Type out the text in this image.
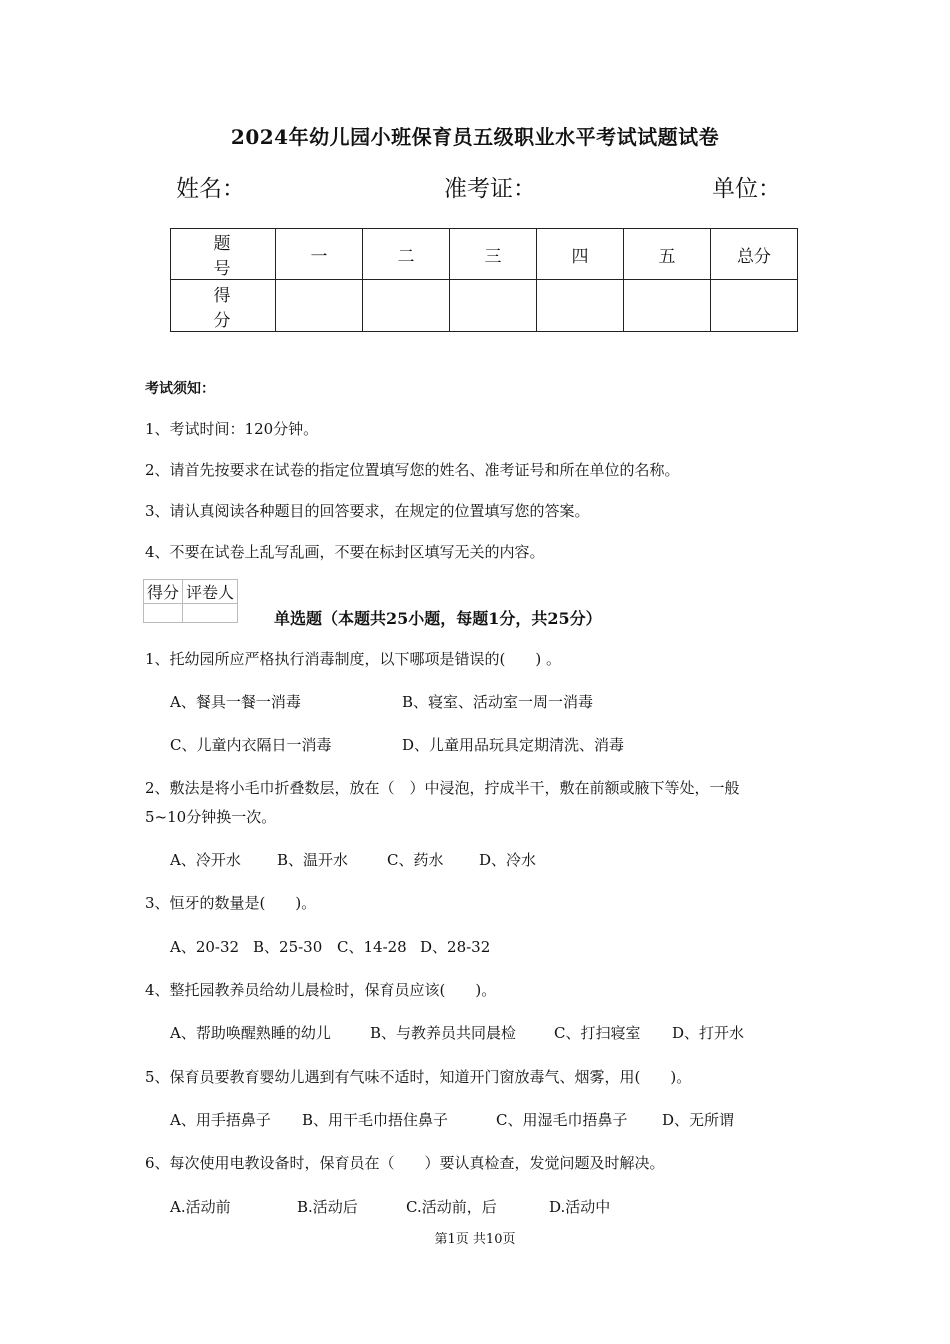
2024年幼儿园小班保育员五级职业水平考试试题试卷
姓名：	准考证：	单位：
题 号	一	二	三	四	五	总分
得 分						
考试须知：
1、考试时间：120分钟。
2、请首先按要求在试卷的指定位置填写您的姓名、准考证号和所在单位的名称。
3、请认真阅读各种题目的回答要求，在规定的位置填写您的答案。
4、不要在试卷上乱写乱画，不要在标封区填写无关的内容。
得分	评卷人

单选题（本题共25小题，每题1分，共25分）
1、托幼园所应严格执行消毒制度，以下哪项是错误的(　　) 。
A、餐具一餐一消毒	B、寝室、活动室一周一消毒
C、儿童内衣隔日一消毒	D、儿童用品玩具定期清洗、消毒
2、敷法是将小毛巾折叠数层，放在（　）中浸泡，拧成半干，敷在前额或腋下等处，一般
5~10分钟换一次。
A、冷开水 B、温开水	C、药水 D、冷水
3、恒牙的数量是(　　)。
A、20-32 B、25-30 C、14-28 D、28-32
4、整托园教养员给幼儿晨检时，保育员应该(　　)。
A、帮助唤醒熟睡的幼儿	B、与教养员共同晨检	C、打扫寝室 D、打开水
5、保育员要教育婴幼儿遇到有气味不适时，知道开门窗放毒气、烟雾，用(　　)。
A、用手捂鼻子 B、用干毛巾捂住鼻子	C、用湿毛巾捂鼻子 D、无所谓
6、每次使用电教设备时，保育员在（　　）要认真检查，发觉问题及时解决。
A.活动前	B.活动后	C.活动前，后	D.活动中
第1页 共10页
